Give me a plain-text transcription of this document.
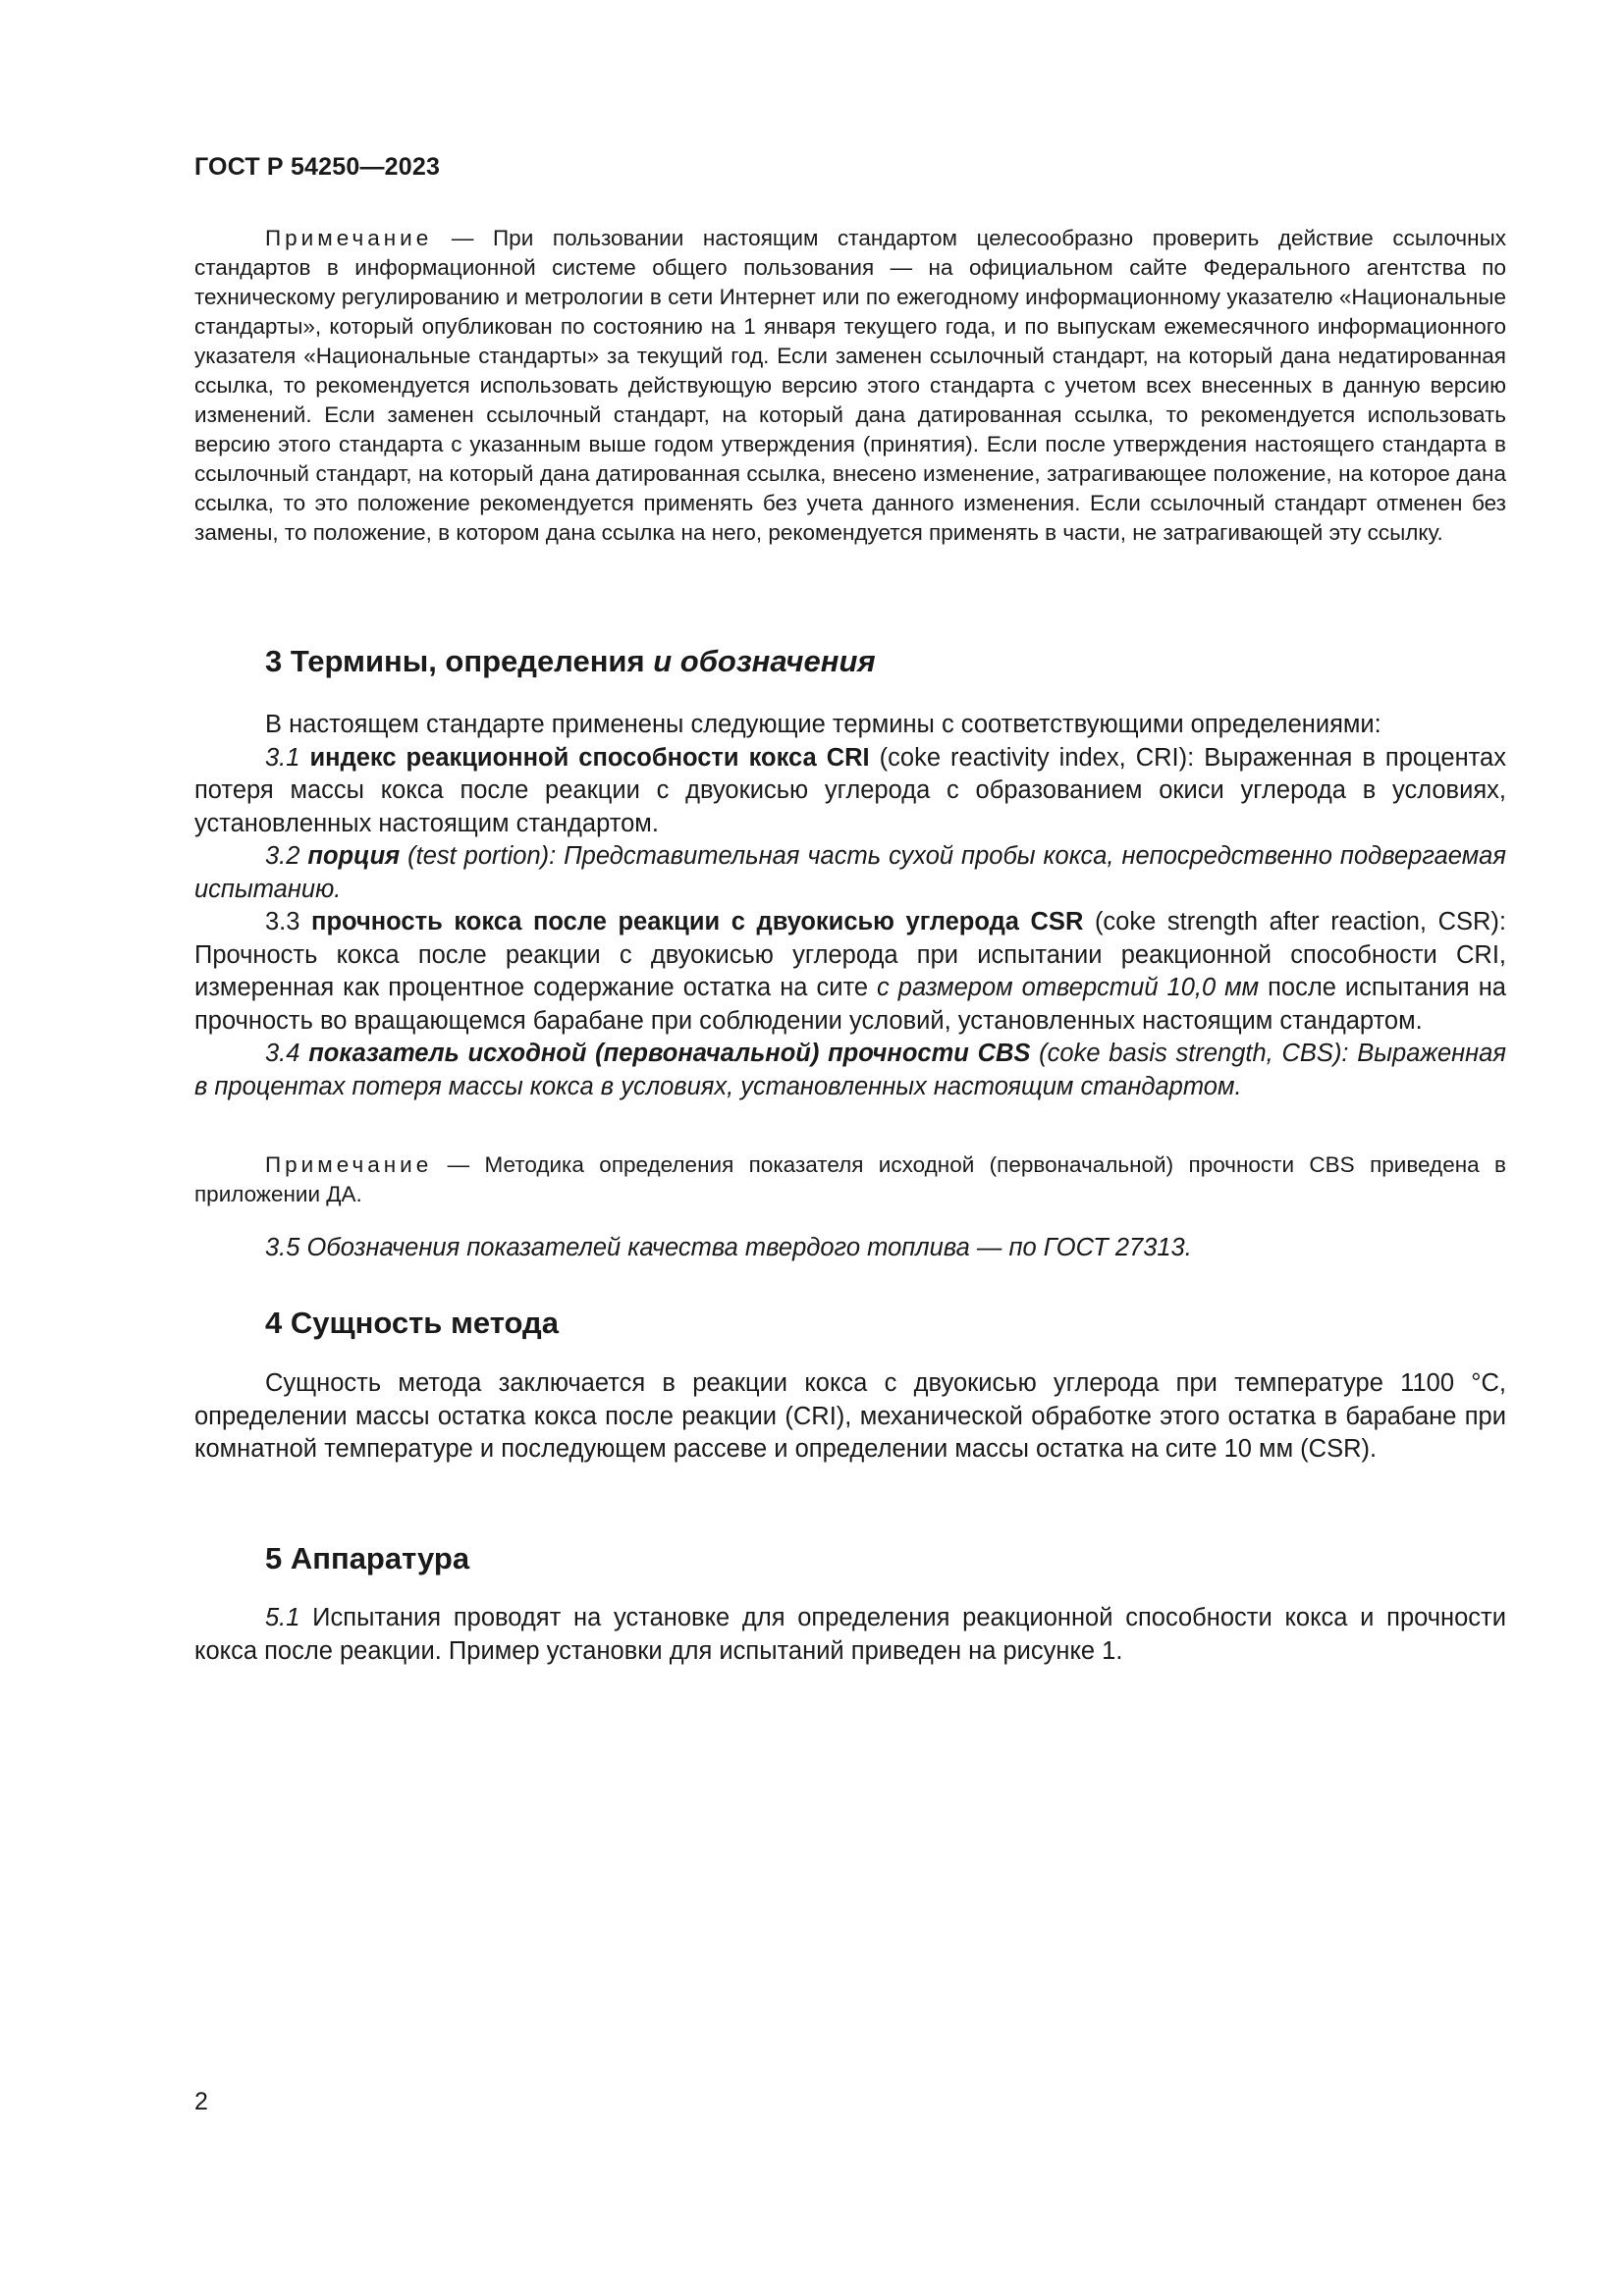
ГОСТ Р 54250—2023

Примечание — При пользовании настоящим стандартом целесообразно проверить действие ссылочных стандартов в информационной системе общего пользования — на официальном сайте Федерального агентства по техническому регулированию и метрологии в сети Интернет или по ежегодному информационному указателю «Национальные стандарты», который опубликован по состоянию на 1 января текущего года, и по выпускам ежемесячного информационного указателя «Национальные стандарты» за текущий год. Если заменен ссылочный стандарт, на который дана недатированная ссылка, то рекомендуется использовать действующую версию этого стандарта с учетом всех внесенных в данную версию изменений. Если заменен ссылочный стандарт, на который дана датированная ссылка, то рекомендуется использовать версию этого стандарта с указанным выше годом утверждения (принятия). Если после утверждения настоящего стандарта в ссылочный стандарт, на который дана датированная ссылка, внесено изменение, затрагивающее положение, на которое дана ссылка, то это положение рекомендуется применять без учета данного изменения. Если ссылочный стандарт отменен без замены, то положение, в котором дана ссылка на него, рекомендуется применять в части, не затрагивающей эту ссылку.

3 Термины, определения и обозначения

В настоящем стандарте применены следующие термины с соответствующими определениями:

3.1 индекс реакционной способности кокса CRI (coke reactivity index, CRI): Выраженная в процентах потеря массы кокса после реакции с двуокисью углерода с образованием окиси углерода в условиях, установленных настоящим стандартом.

3.2 порция (test portion): Представительная часть сухой пробы кокса, непосредственно подвергаемая испытанию.

3.3 прочность кокса после реакции с двуокисью углерода CSR (coke strength after reaction, CSR): Прочность кокса после реакции с двуокисью углерода при испытании реакционной способности CRI, измеренная как процентное содержание остатка на сите с размером отверстий 10,0 мм после испытания на прочность во вращающемся барабане при соблюдении условий, установленных настоящим стандартом.

3.4 показатель исходной (первоначальной) прочности CBS (coke basis strength, CBS): Выраженная в процентах потеря массы кокса в условиях, установленных настоящим стандартом.

Примечание — Методика определения показателя исходной (первоначальной) прочности CBS приведена в приложении ДА.

3.5 Обозначения показателей качества твердого топлива — по ГОСТ 27313.

4 Сущность метода

Сущность метода заключается в реакции кокса с двуокисью углерода при температуре 1100 °С, определении массы остатка кокса после реакции (CRI), механической обработке этого остатка в барабане при комнатной температуре и последующем рассеве и определении массы остатка на сите 10 мм (CSR).

5 Аппаратура

5.1 Испытания проводят на установке для определения реакционной способности кокса и прочности кокса после реакции. Пример установки для испытаний приведен на рисунке 1.

2
